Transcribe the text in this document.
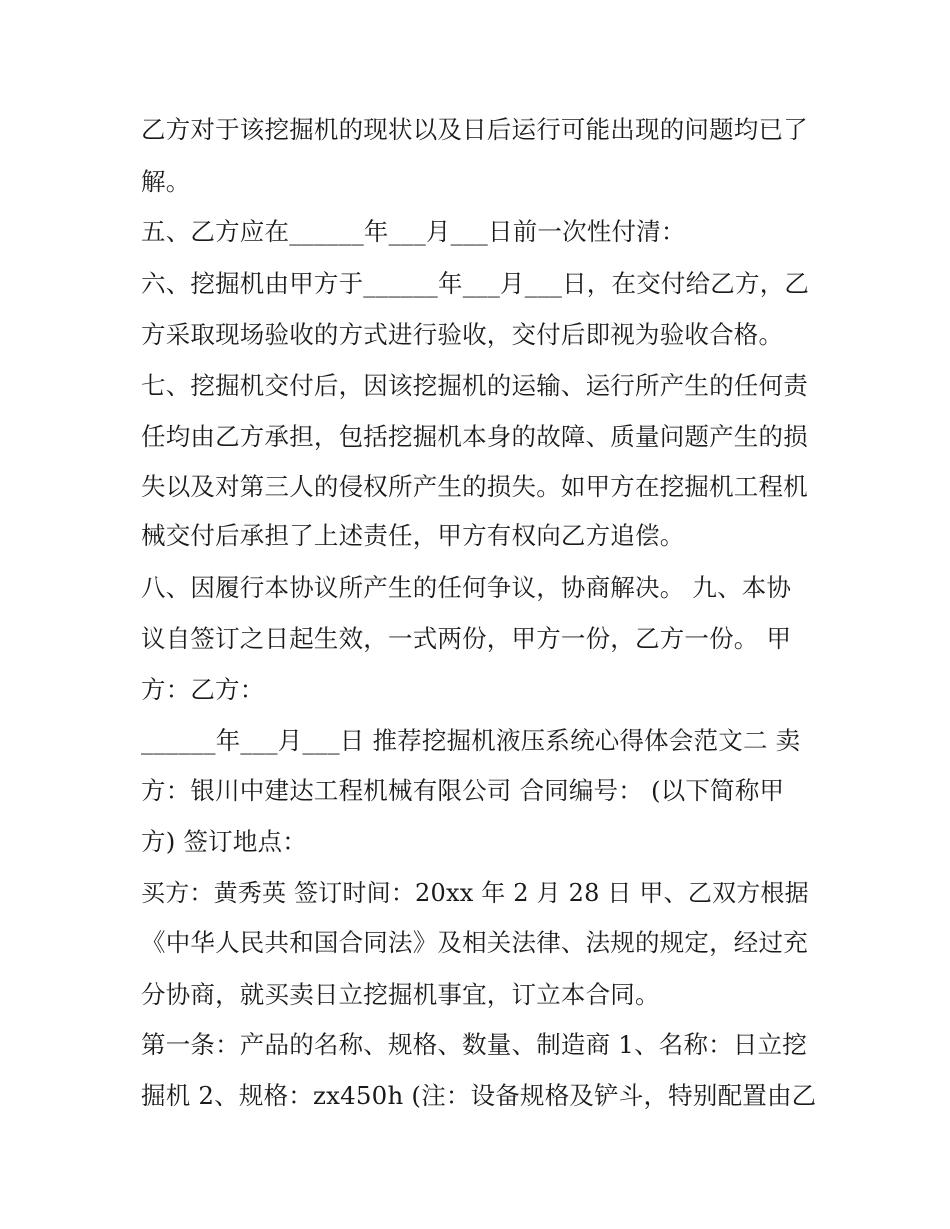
乙方对于该挖掘机的现状以及日后运行可能出现的问题均已了
解。
五、乙方应在______年___月___日前一次性付清：
六、挖掘机由甲方于______年___月___日，在交付给乙方，乙
方采取现场验收的方式进行验收，交付后即视为验收合格。
七、挖掘机交付后，因该挖掘机的运输、运行所产生的任何责
任均由乙方承担，包括挖掘机本身的故障、质量问题产生的损
失以及对第三人的侵权所产生的损失。如甲方在挖掘机工程机
械交付后承担了上述责任，甲方有权向乙方追偿。
八、因履行本协议所产生的任何争议，协商解决。 九、本协
议自签订之日起生效，一式两份，甲方一份，乙方一份。 甲
方：乙方：
______年___月___日 推荐挖掘机液压系统心得体会范文二 卖
方：银川中建达工程机械有限公司 合同编号： (以下简称甲
方) 签订地点：
买方：黄秀英 签订时间：20xx 年 2 月 28 日 甲、乙双方根据
《中华人民共和国合同法》及相关法律、法规的规定，经过充
分协商，就买卖日立挖掘机事宜，订立本合同。
第一条：产品的名称、规格、数量、制造商 1、名称：日立挖
掘机 2、规格：zx450h (注：设备规格及铲斗，特别配置由乙
